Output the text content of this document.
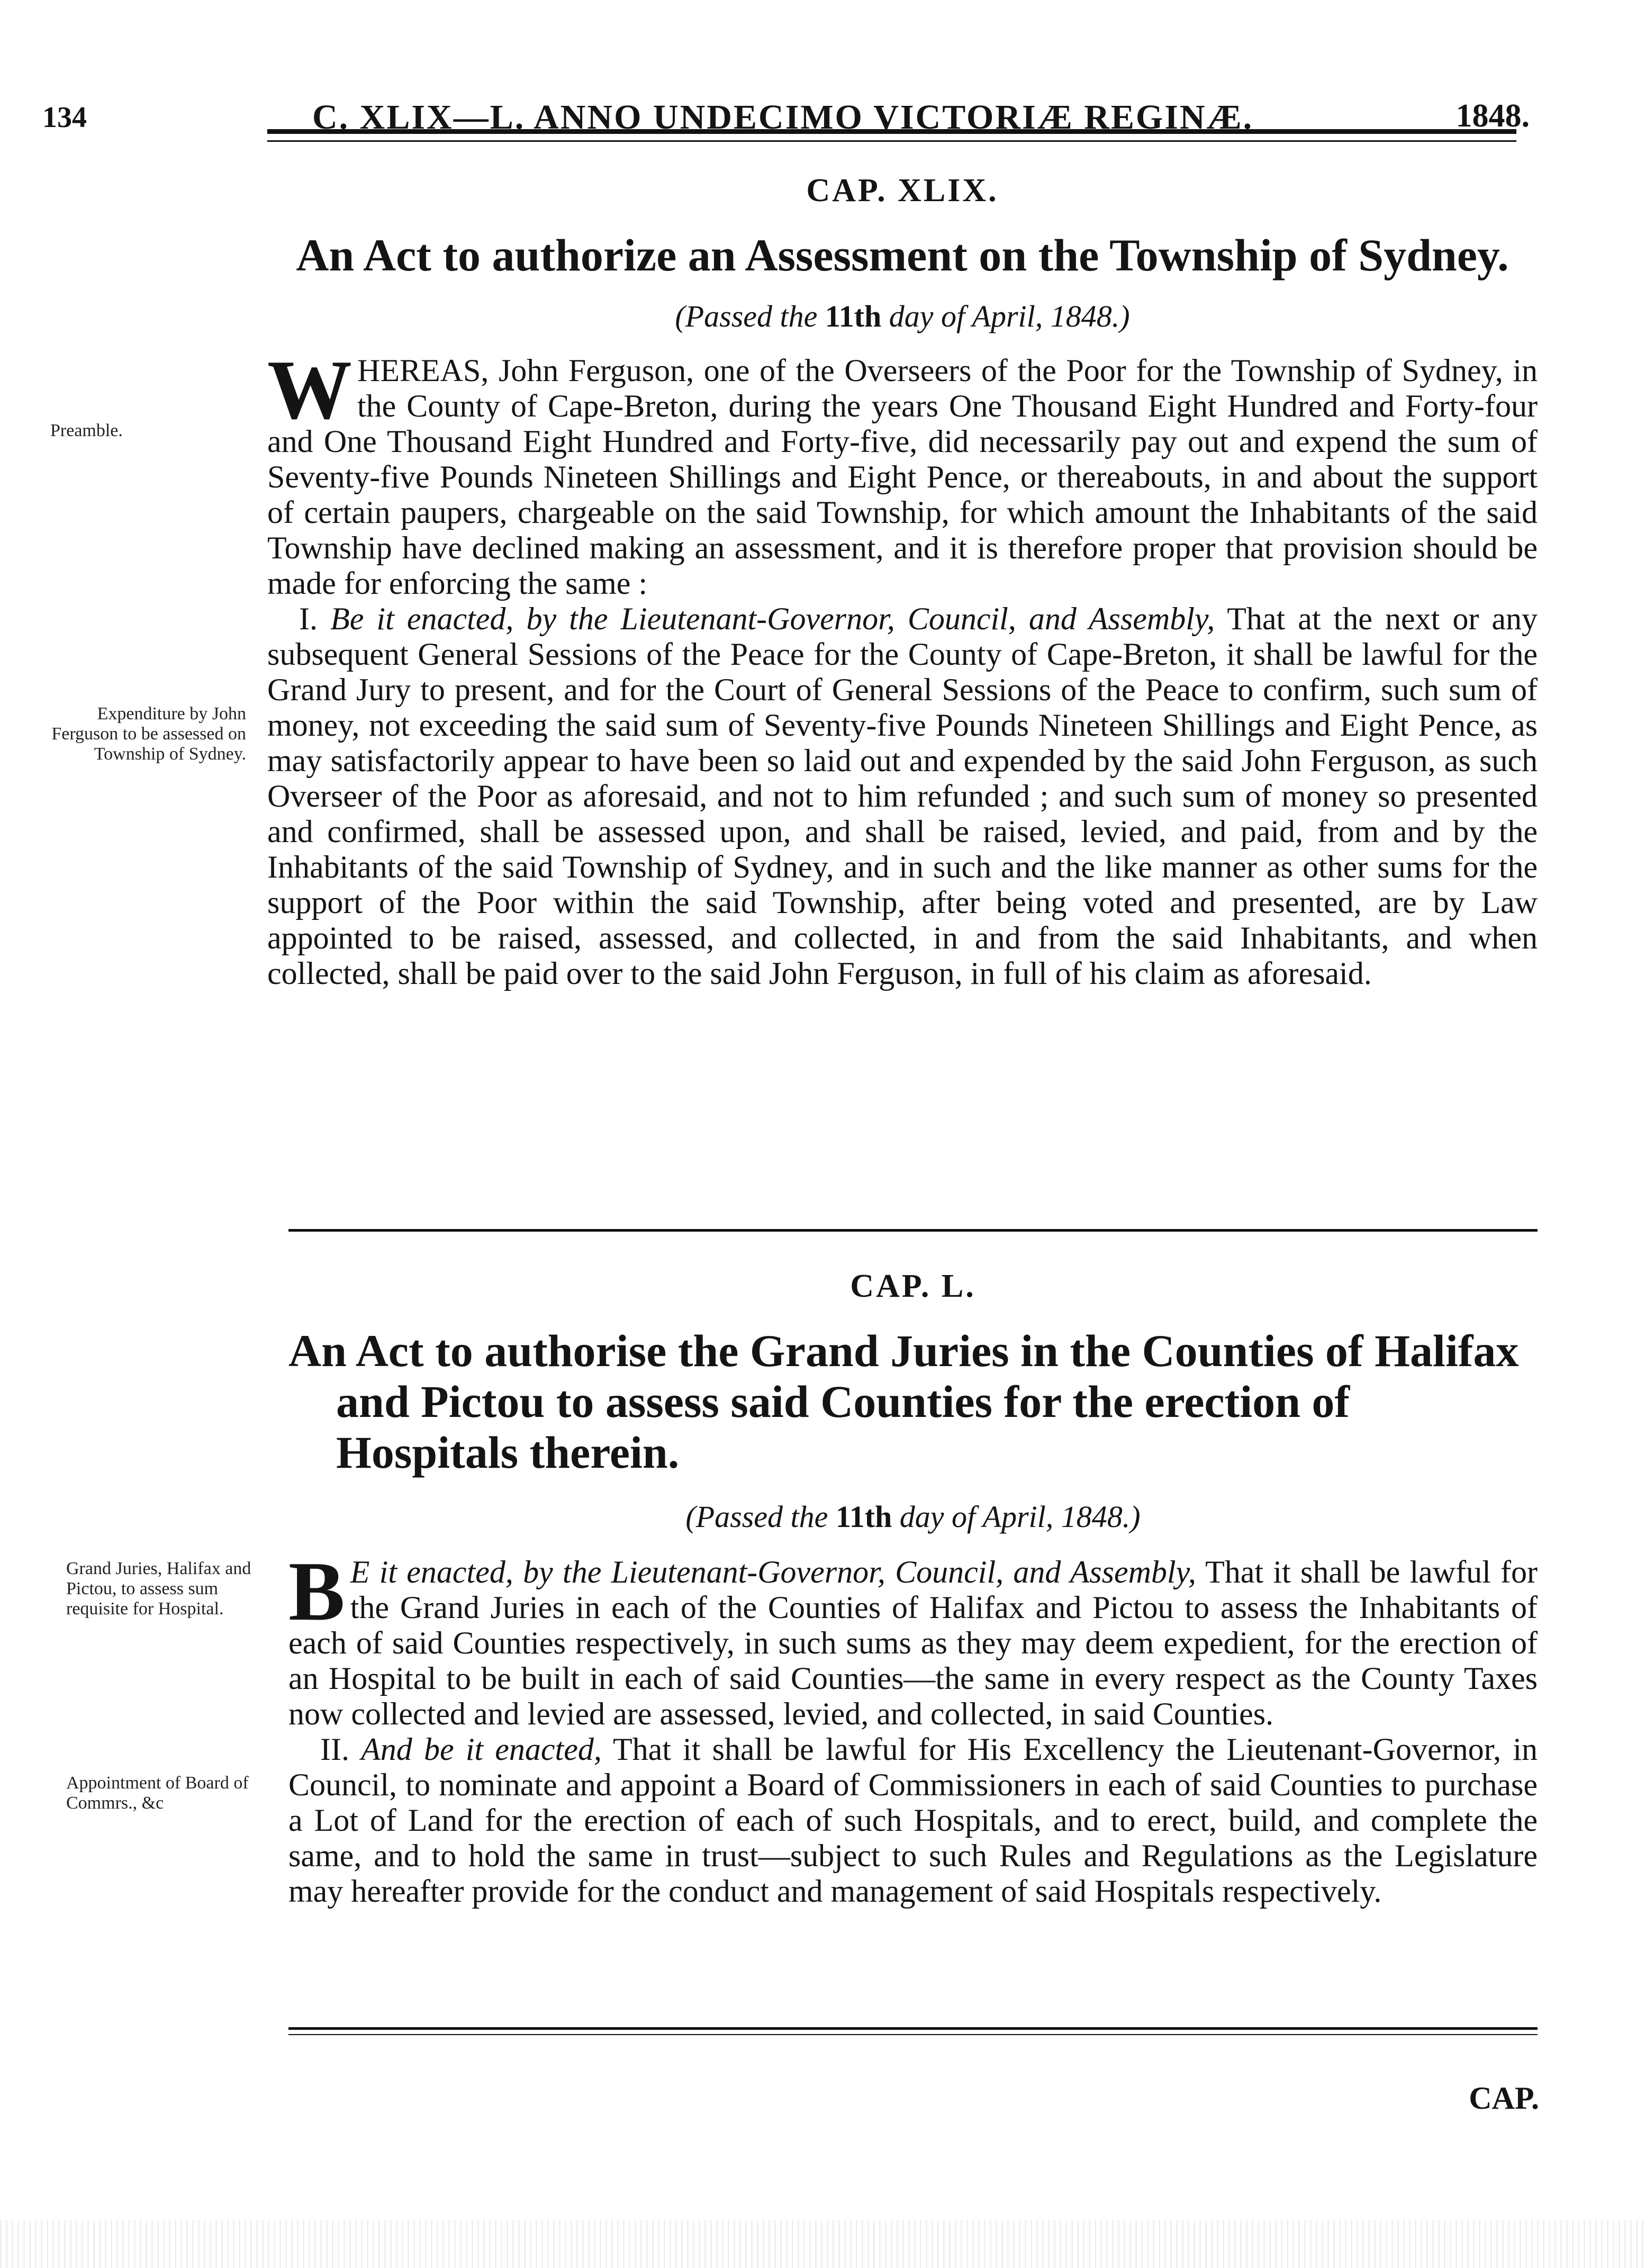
134	C. XLIX—L. ANNO UNDECIMO VICTORIÆ REGINÆ.	1848.
CAP. XLIX.
An Act to authorize an Assessment on the Township of Sydney.
(Passed the 11th day of April, 1848.)

WHEREAS, John Ferguson, one of the Overseers of the Poor for the Township of Sydney, in the County of Cape-Breton, during the years One Thousand Eight Hundred and Forty-four and One Thousand Eight Hundred and Forty-five, did necessarily pay out and expend the sum of Seventy-five Pounds Nineteen Shillings and Eight Pence, or thereabouts, in and about the support of certain paupers, chargeable on the said Township, for which amount the Inhabitants of the said Township have declined making an assessment, and it is therefore proper that provision should be made for enforcing the same :

I. Be it enacted, by the Lieutenant-Governor, Council, and Assembly, That at the next or any subsequent General Sessions of the Peace for the County of Cape-Breton, it shall be lawful for the Grand Jury to present, and for the Court of General Sessions of the Peace to confirm, such sum of money, not exceeding the said sum of Seventy-five Pounds Nineteen Shillings and Eight Pence, as may satisfactorily appear to have been so laid out and expended by the said John Ferguson, as such Overseer of the Poor as aforesaid, and not to him refunded ; and such sum of money so presented and confirmed, shall be assessed upon, and shall be raised, levied, and paid, from and by the Inhabitants of the said Township of Sydney, and in such and the like manner as other sums for the support of the Poor within the said Township, after being voted and presented, are by Law appointed to be raised, assessed, and collected, in and from the said Inhabitants, and when collected, shall be paid over to the said John Ferguson, in full of his claim as aforesaid.

Preamble.
Expenditure by John Ferguson to be assessed on Township of Sydney.
CAP. L.
An Act to authorise the Grand Juries in the Counties of Halifax and Pictou to assess said Counties for the erection of Hospitals therein.
(Passed the 11th day of April, 1848.)

B E it enacted, by the Lieutenant-Governor, Council, and Assembly, That it shall be lawful for the Grand Juries in each of the Counties of Halifax and Pictou to assess the Inhabitants of each of said Counties respectively, in such sums as they may deem expedient, for the erection of an Hospital to be built in each of said Counties—the same in every respect as the County Taxes now collected and levied are assessed, levied, and collected, in said Counties.

II. And be it enacted, That it shall be lawful for His Excellency the Lieutenant-Governor, in Council, to nominate and appoint a Board of Commissioners in each of said Counties to purchase a Lot of Land for the erection of each of such Hospitals, and to erect, build, and complete the same, and to hold the same in trust—subject to such Rules and Regulations as the Legislature may hereafter provide for the conduct and management of said Hospitals respectively.

Grand Juries, Halifax and Pictou, to assess sum requisite for Hospital.
Appointment of Board of Commrs., &c
CAP.
